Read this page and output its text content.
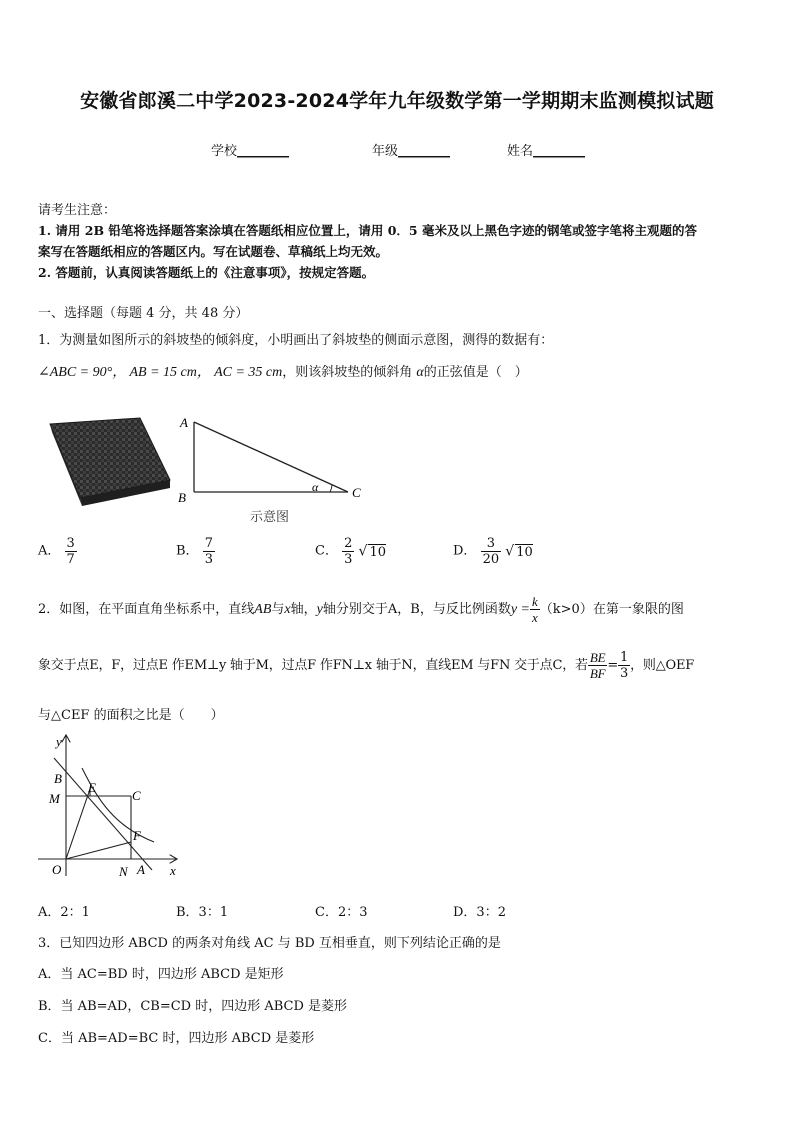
安徽省郎溪二中学2023-2024学年九年级数学第一学期期末监测模拟试题
学校________	年级________	姓名________
请考生注意：
1. 请用 2B 铅笔将选择题答案涂填在答题纸相应位置上，请用 0．5 毫米及以上黑色字迹的钢笔或签字笔将主观题的答
案写在答题纸相应的答题区内。写在试题卷、草稿纸上均无效。
2. 答题前，认真阅读答题纸上的《注意事项》，按规定答题。
一、选择题（每题 4 分，共 48 分）
1．为测量如图所示的斜坡垫的倾斜度，小明画出了斜坡垫的侧面示意图，测得的数据有：
∠ABC = 90°， AB = 15 cm， AC = 35 cm，则该斜坡垫的倾斜角 α的正弦值是（　）
A
B	C
α
示意图
A． $\frac{3}{7}$	B． $\frac{7}{3}$	C． $\frac{2}{3}$ √ 10	D． $\frac{3}{20}$ √ 10
2．如图，在平面直角坐标系中，直线AB与x轴，y轴分别交于A，B，与反比例函数$y = \frac{k}{x} (k>0)$在第一象限的图
象交于点E，F，过点E 作EM⊥y 轴于M，过点F 作FN⊥x 轴于N，直线EM 与FN 交于点C，若 $\frac{BE}{BF} = \frac{1}{3}$ ，则△OEF
与△CEF 的面积之比是（　　）
y
x
B
E
M	C
F
O	N A
A．2：1	B．3：1	C．2：3	D．3：2
3．已知四边形 ABCD 的两条对角线 AC 与 BD 互相垂直，则下列结论正确的是
A．当 AC=BD 时，四边形 ABCD 是矩形
B．当 AB=AD，CB=CD 时，四边形 ABCD 是菱形
C．当 AB=AD=BC 时，四边形 ABCD 是菱形
